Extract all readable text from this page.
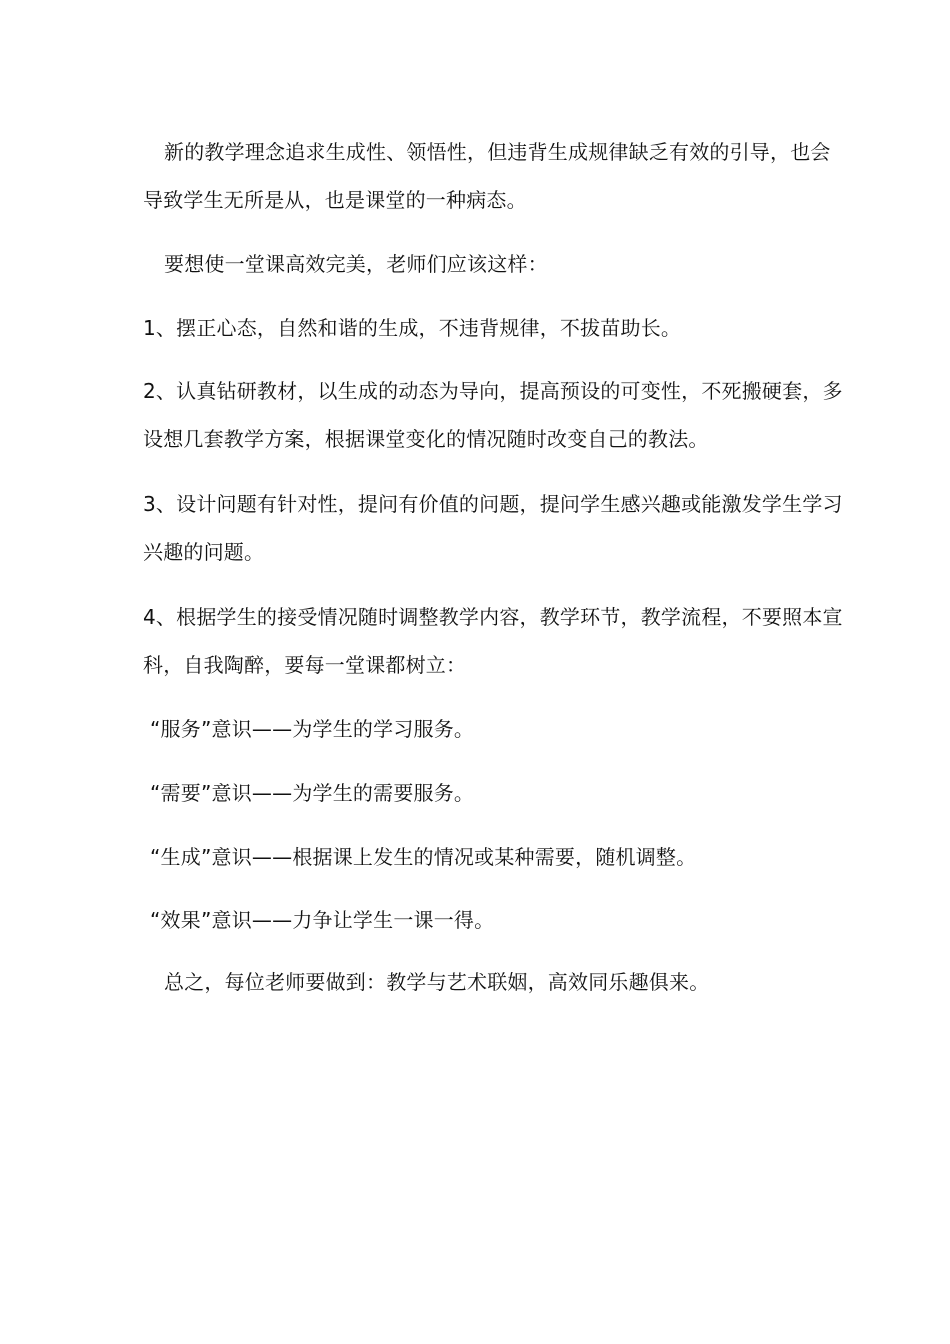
新的教学理念追求生成性、领悟性，但违背生成规律缺乏有效的引导，也会
导致学生无所是从，也是课堂的一种病态。
要想使一堂课高效完美，老师们应该这样：
1、摆正心态，自然和谐的生成，不违背规律，不拔苗助长。
2、认真钻研教材，以生成的动态为导向，提高预设的可变性，不死搬硬套，多
设想几套教学方案，根据课堂变化的情况随时改变自己的教法。
3、设计问题有针对性，提问有价值的问题，提问学生感兴趣或能激发学生学习
兴趣的问题。
4、根据学生的接受情况随时调整教学内容，教学环节，教学流程，不要照本宣
科，自我陶醉，要每一堂课都树立：
“服务”意识——为学生的学习服务。
“需要”意识——为学生的需要服务。
“生成”意识——根据课上发生的情况或某种需要，随机调整。
“效果”意识——力争让学生一课一得。
总之，每位老师要做到：教学与艺术联姻，高效同乐趣俱来。
